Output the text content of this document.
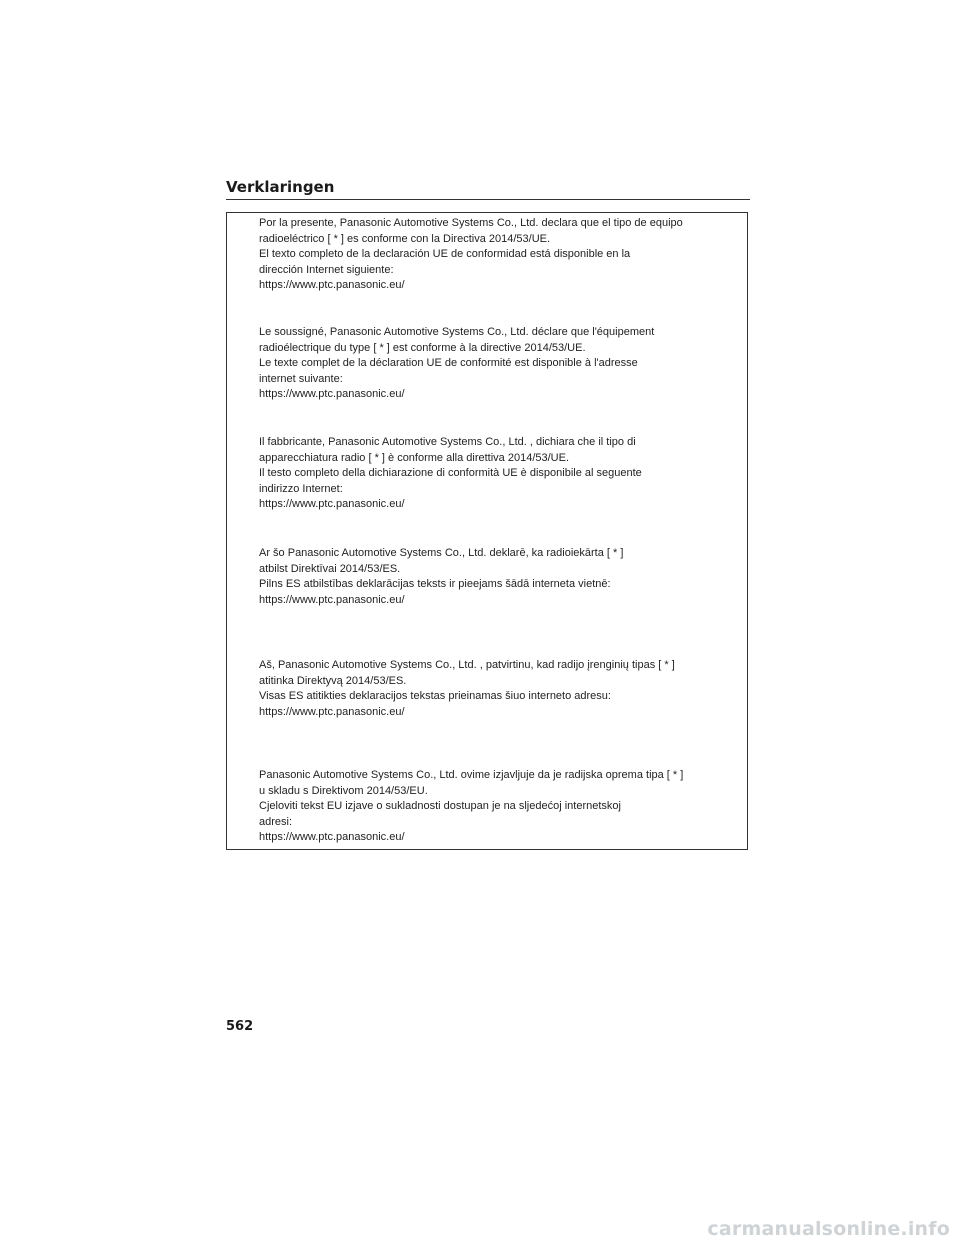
Verklaringen
Por la presente, Panasonic Automotive Systems Co., Ltd. declara que el tipo de equipo
radioeléctrico [ * ] es conforme con la Directiva 2014/53/UE.
El texto completo de la declaración UE de conformidad está disponible en la
dirección Internet siguiente:
https://www.ptc.panasonic.eu/
Le soussigné, Panasonic Automotive Systems Co., Ltd. déclare que l'équipement
radioélectrique du type [ * ] est conforme à la directive 2014/53/UE.
Le texte complet de la déclaration UE de conformité est disponible à l'adresse
internet suivante:
https://www.ptc.panasonic.eu/
Il fabbricante, Panasonic Automotive Systems Co., Ltd. , dichiara che il tipo di
apparecchiatura radio [ * ] è conforme alla direttiva 2014/53/UE.
Il testo completo della dichiarazione di conformità UE è disponibile al seguente
indirizzo Internet:
https://www.ptc.panasonic.eu/
Ar šo Panasonic Automotive Systems Co., Ltd. deklarē, ka radioiekārta [ * ]
atbilst Direktīvai 2014/53/ES.
Pilns ES atbilstības deklarācijas teksts ir pieejams šādā interneta vietnē:
https://www.ptc.panasonic.eu/
Aš, Panasonic Automotive Systems Co., Ltd. , patvirtinu, kad radijo įrenginių tipas [ * ]
atitinka Direktyvą 2014/53/ES.
Visas ES atitikties deklaracijos tekstas prieinamas šiuo interneto adresu:
https://www.ptc.panasonic.eu/
Panasonic Automotive Systems Co., Ltd. ovime izjavljuje da je radijska oprema tipa [ * ]
u skladu s Direktivom 2014/53/EU.
Cjeloviti tekst EU izjave o sukladnosti dostupan je na sljedećoj internetskoj
adresi:
https://www.ptc.panasonic.eu/
562
carmanualsonline.info
